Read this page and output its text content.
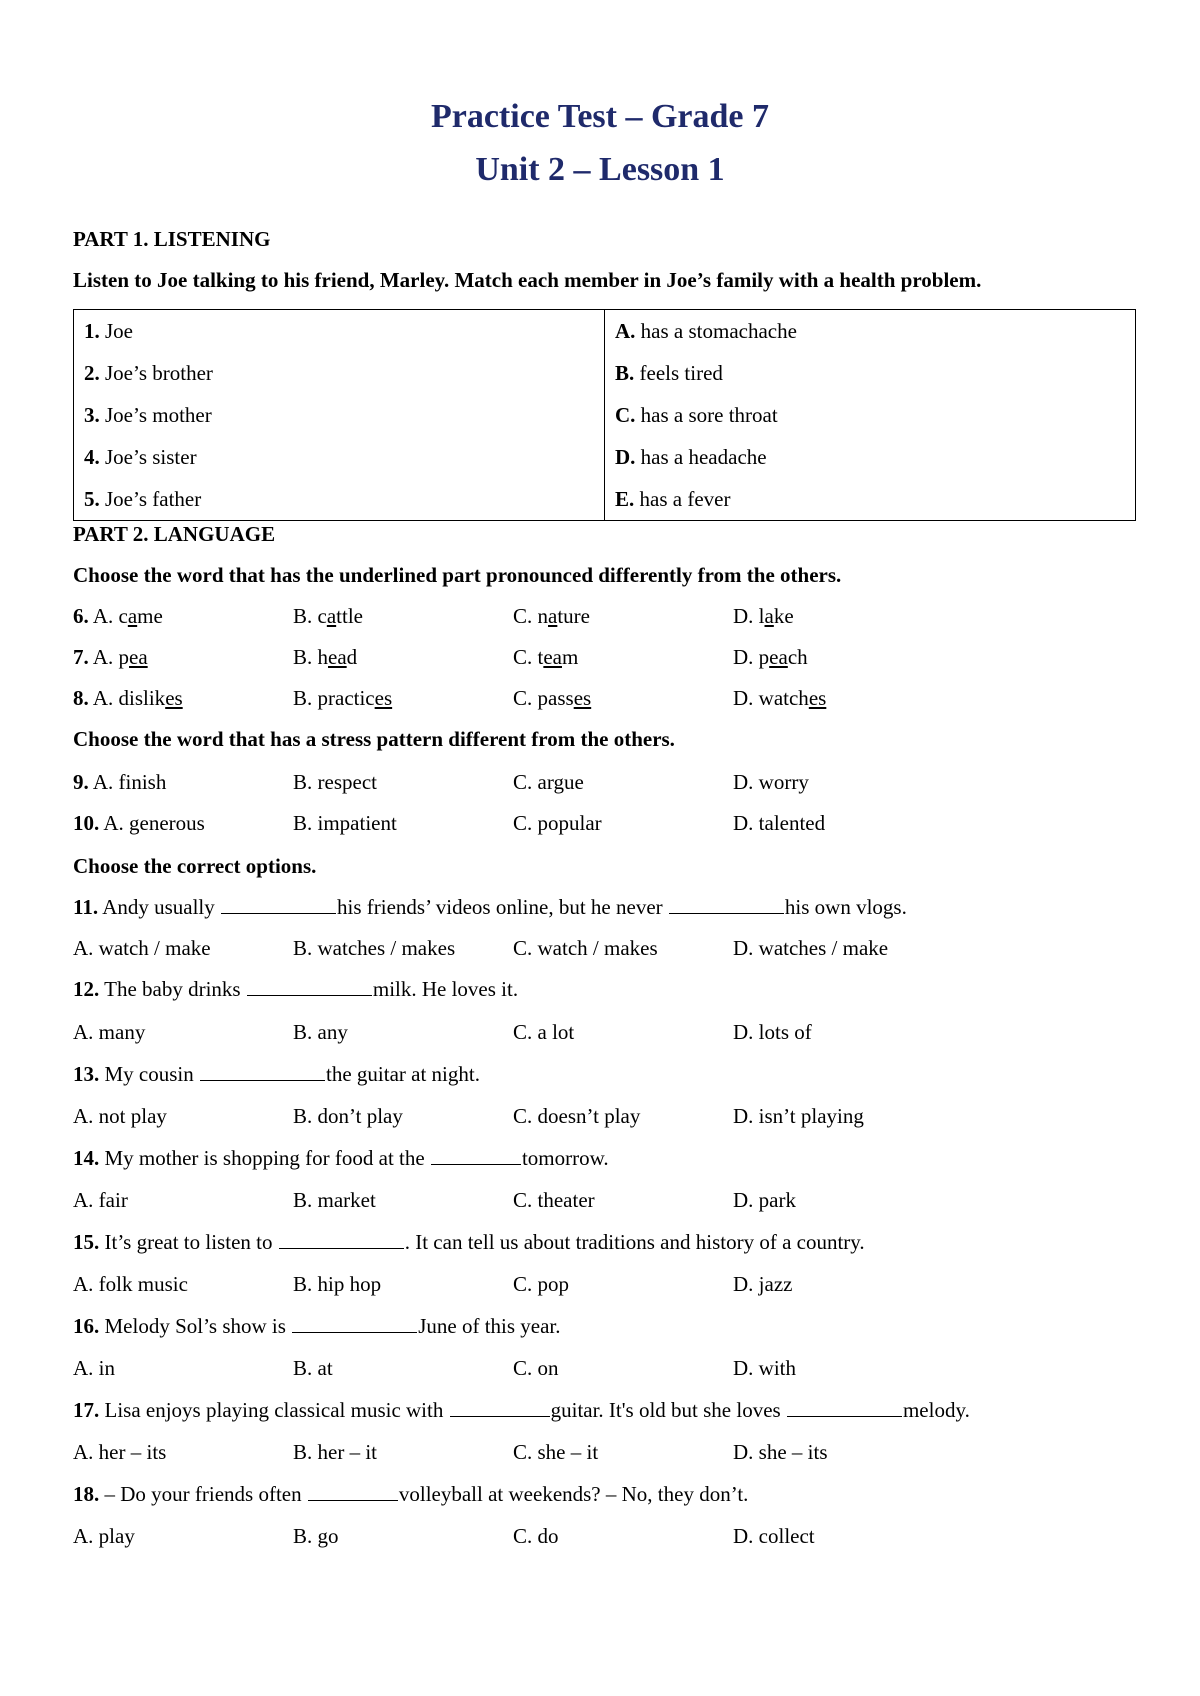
Practice Test – Grade 7
Unit 2 – Lesson 1
PART 1. LISTENING
Listen to Joe talking to his friend, Marley. Match each member in Joe’s family with a health problem.
1. Joe	A. has a stomachache
2. Joe’s brother	B. feels tired
3. Joe’s mother	C. has a sore throat
4. Joe’s sister	D. has a headache
5. Joe’s father	E. has a fever
PART 2. LANGUAGE
Choose the word that has the underlined part pronounced differently from the others.
6. A. came	B. cattle	C. nature	D. lake
7. A. pea	B. head	C. team	D. peach
8. A. dislikes	B. practices	C. passes	D. watches
Choose the word that has a stress pattern different from the others.
9. A. finish	B. respect	C. argue	D. worry
10. A. generous	B. impatient	C. popular	D. talented
Choose the correct options.
11. Andy usually	his friends’ videos online, but he never	his own vlogs.
A. watch / make	B. watches / makes	C. watch / makes	D. watches / make
12. The baby drinks	milk. He loves it.
A. many	B. any	C. a lot	D. lots of
13. My cousin	the guitar at night.
A. not play	B. don’t play	C. doesn’t play	D. isn’t playing
14. My mother is shopping for food at the	tomorrow.
A. fair	B. market	C. theater	D. park
15. It’s great to listen to	. It can tell us about traditions and history of a country.
A. folk music	B. hip hop	C. pop	D. jazz
16. Melody Sol’s show is	June of this year.
A. in	B. at	C. on	D. with
17. Lisa enjoys playing classical music with	guitar. It's old but she loves	melody.
A. her – its	B. her – it	C. she – it	D. she – its
18. – Do your friends often	volleyball at weekends? – No, they don’t.
A. play	B. go	C. do	D. collect
